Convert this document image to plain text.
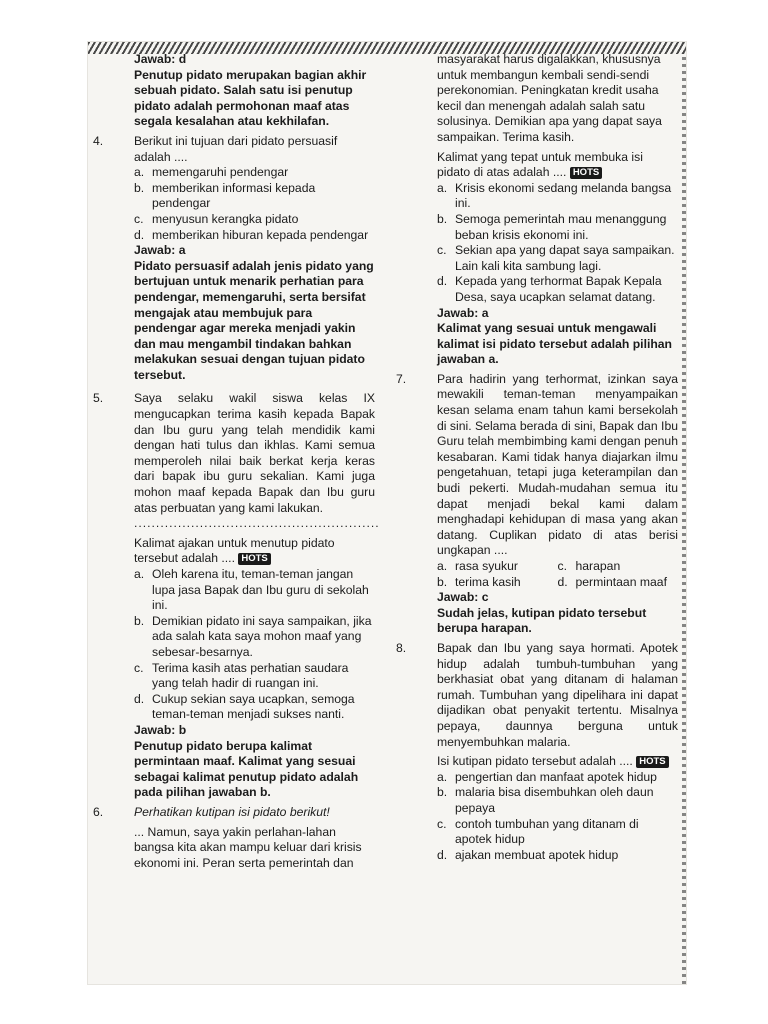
Jawab: d
Penutup pidato merupakan bagian akhir sebuah pidato. Salah satu isi penutup pidato adalah permohonan maaf atas segala kesalahan atau kekhilafan.
4.	Berikut ini tujuan dari pidato persuasif adalah ....
a. memengaruhi pendengar
b. memberikan informasi kepada pendengar
c. menyusun kerangka pidato
d. memberikan hiburan kepada pendengar
Jawab: a
Pidato persuasif adalah jenis pidato yang bertujuan untuk menarik perhatian para pendengar, memengaruhi, serta bersifat mengajak atau membujuk para pendengar agar mereka menjadi yakin dan mau mengambil tindakan bahkan melakukan sesuai dengan tujuan pidato tersebut.
5.	Saya selaku wakil siswa kelas IX mengucapkan terima kasih kepada Bapak dan Ibu guru yang telah mendidik kami dengan hati tulus dan ikhlas. Kami semua memperoleh nilai baik berkat kerja keras dari bapak ibu guru sekalian. Kami juga mohon maaf kepada Bapak dan Ibu guru atas perbuatan yang kami lakukan.
........................................................
Kalimat ajakan untuk menutup pidato tersebut adalah .... HOTS
a. Oleh karena itu, teman-teman jangan lupa jasa Bapak dan Ibu guru di sekolah ini.
b. Demikian pidato ini saya sampaikan, jika ada salah kata saya mohon maaf yang sebesar-besarnya.
c. Terima kasih atas perhatian saudara yang telah hadir di ruangan ini.
d. Cukup sekian saya ucapkan, semoga teman-teman menjadi sukses nanti.
Jawab: b
Penutup pidato berupa kalimat permintaan maaf. Kalimat yang sesuai sebagai kalimat penutup pidato adalah pada pilihan jawaban b.
6.	Perhatikan kutipan isi pidato berikut!
... Namun, saya yakin perlahan-lahan bangsa kita akan mampu keluar dari krisis ekonomi ini. Peran serta pemerintah dan
masyarakat harus digalakkan, khususnya untuk membangun kembali sendi-sendi perekonomian. Peningkatan kredit usaha kecil dan menengah adalah salah satu solusinya. Demikian apa yang dapat saya sampaikan. Terima kasih.
Kalimat yang tepat untuk membuka isi pidato di atas adalah .... HOTS
a. Krisis ekonomi sedang melanda bangsa ini.
b. Semoga pemerintah mau menanggung beban krisis ekonomi ini.
c. Sekian apa yang dapat saya sampaikan. Lain kali kita sambung lagi.
d. Kepada yang terhormat Bapak Kepala Desa, saya ucapkan selamat datang.
Jawab: a
Kalimat yang sesuai untuk mengawali kalimat isi pidato tersebut adalah pilihan jawaban a.
7.	Para hadirin yang terhormat, izinkan saya mewakili teman-teman menyampaikan kesan selama enam tahun kami bersekolah di sini. Selama berada di sini, Bapak dan Ibu Guru telah membimbing kami dengan penuh kesabaran. Kami tidak hanya diajarkan ilmu pengetahuan, tetapi juga keterampilan dan budi pekerti. Mudah-mudahan semua itu dapat menjadi bekal kami dalam menghadapi kehidupan di masa yang akan datang. Cuplikan pidato di atas berisi ungkapan ....
a. rasa syukur	c. harapan
b. terima kasih	d. permintaan maaf
Jawab: c
Sudah jelas, kutipan pidato tersebut berupa harapan.
8.	Bapak dan Ibu yang saya hormati. Apotek hidup adalah tumbuh-tumbuhan yang berkhasiat obat yang ditanam di halaman rumah. Tumbuhan yang dipelihara ini dapat dijadikan obat penyakit tertentu. Misalnya pepaya, daunnya berguna untuk menyembuhkan malaria.
Isi kutipan pidato tersebut adalah .... HOTS
a. pengertian dan manfaat apotek hidup
b. malaria bisa disembuhkan oleh daun pepaya
c. contoh tumbuhan yang ditanam di apotek hidup
d. ajakan membuat apotek hidup
